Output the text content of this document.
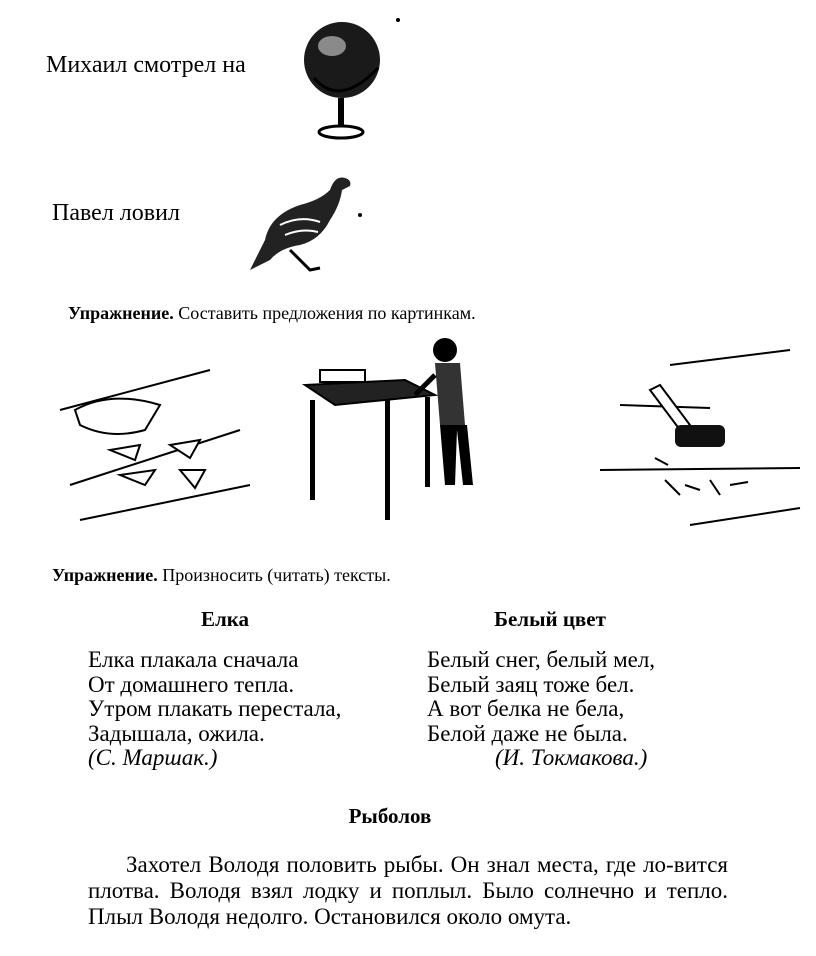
Михаил смотрел на
Павел ловил
Упражнение. Составить предложения по картинкам.
Упражнение. Произносить (читать) тексты.
Елка
Елка плакала сначала
От домашнего тепла.
Утром плакать перестала,
Задышала, ожила.
(С. Маршак.)
Белый цвет
Белый снег, белый мел,
Белый заяц тоже бел.
А вот белка не бела,
Белой даже не была.
(И. Токмакова.)
Рыболов

Захотел Володя половить рыбы. Он знал места, где ло-вится плотва. Володя взял лодку и поплыл. Было солнечно и тепло. Плыл Володя недолго. Остановился около омута.
